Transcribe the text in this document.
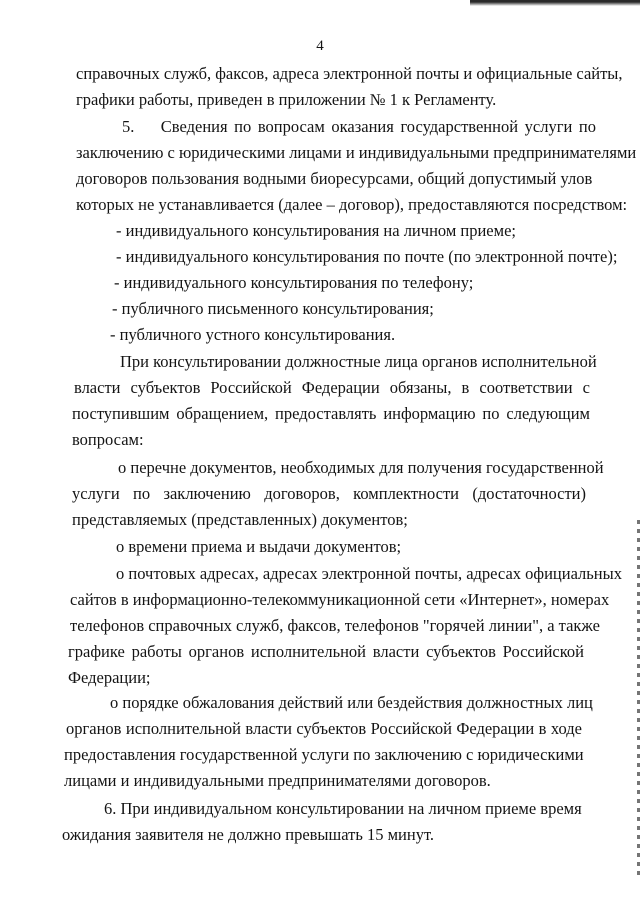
4
справочных служб, факсов, адреса электронной почты и официальные сайты,
графики работы, приведен в приложении № 1 к Регламенту.
5.    Сведения по вопросам оказания государственной услуги по
заключению с юридическими лицами и индивидуальными предпринимателями
договоров пользования водными биоресурсами, общий допустимый улов
которых не устанавливается (далее – договор), предоставляются посредством:
- индивидуального консультирования на личном приеме;
- индивидуального консультирования по почте (по электронной почте);
- индивидуального консультирования по телефону;
- публичного письменного консультирования;
- публичного устного консультирования.
При консультировании должностные лица органов исполнительной
власти субъектов Российской Федерации обязаны, в соответствии с
поступившим обращением, предоставлять информацию по следующим
вопросам:
о перечне документов, необходимых для получения государственной
услуги по заключению договоров, комплектности (достаточности)
представляемых (представленных) документов;
о времени приема и выдачи документов;
о почтовых адресах, адресах электронной почты, адресах официальных
сайтов в информационно-телекоммуникационной сети «Интернет», номерах
телефонов справочных служб, факсов, телефонов "горячей линии", а также
графике работы органов исполнительной власти субъектов Российской
Федерации;
о порядке обжалования действий или бездействия должностных лиц
органов исполнительной власти субъектов Российской Федерации в ходе
предоставления государственной услуги по заключению с юридическими
лицами и индивидуальными предпринимателями договоров.
6. При индивидуальном консультировании на личном приеме время
ожидания заявителя не должно превышать 15 минут.
